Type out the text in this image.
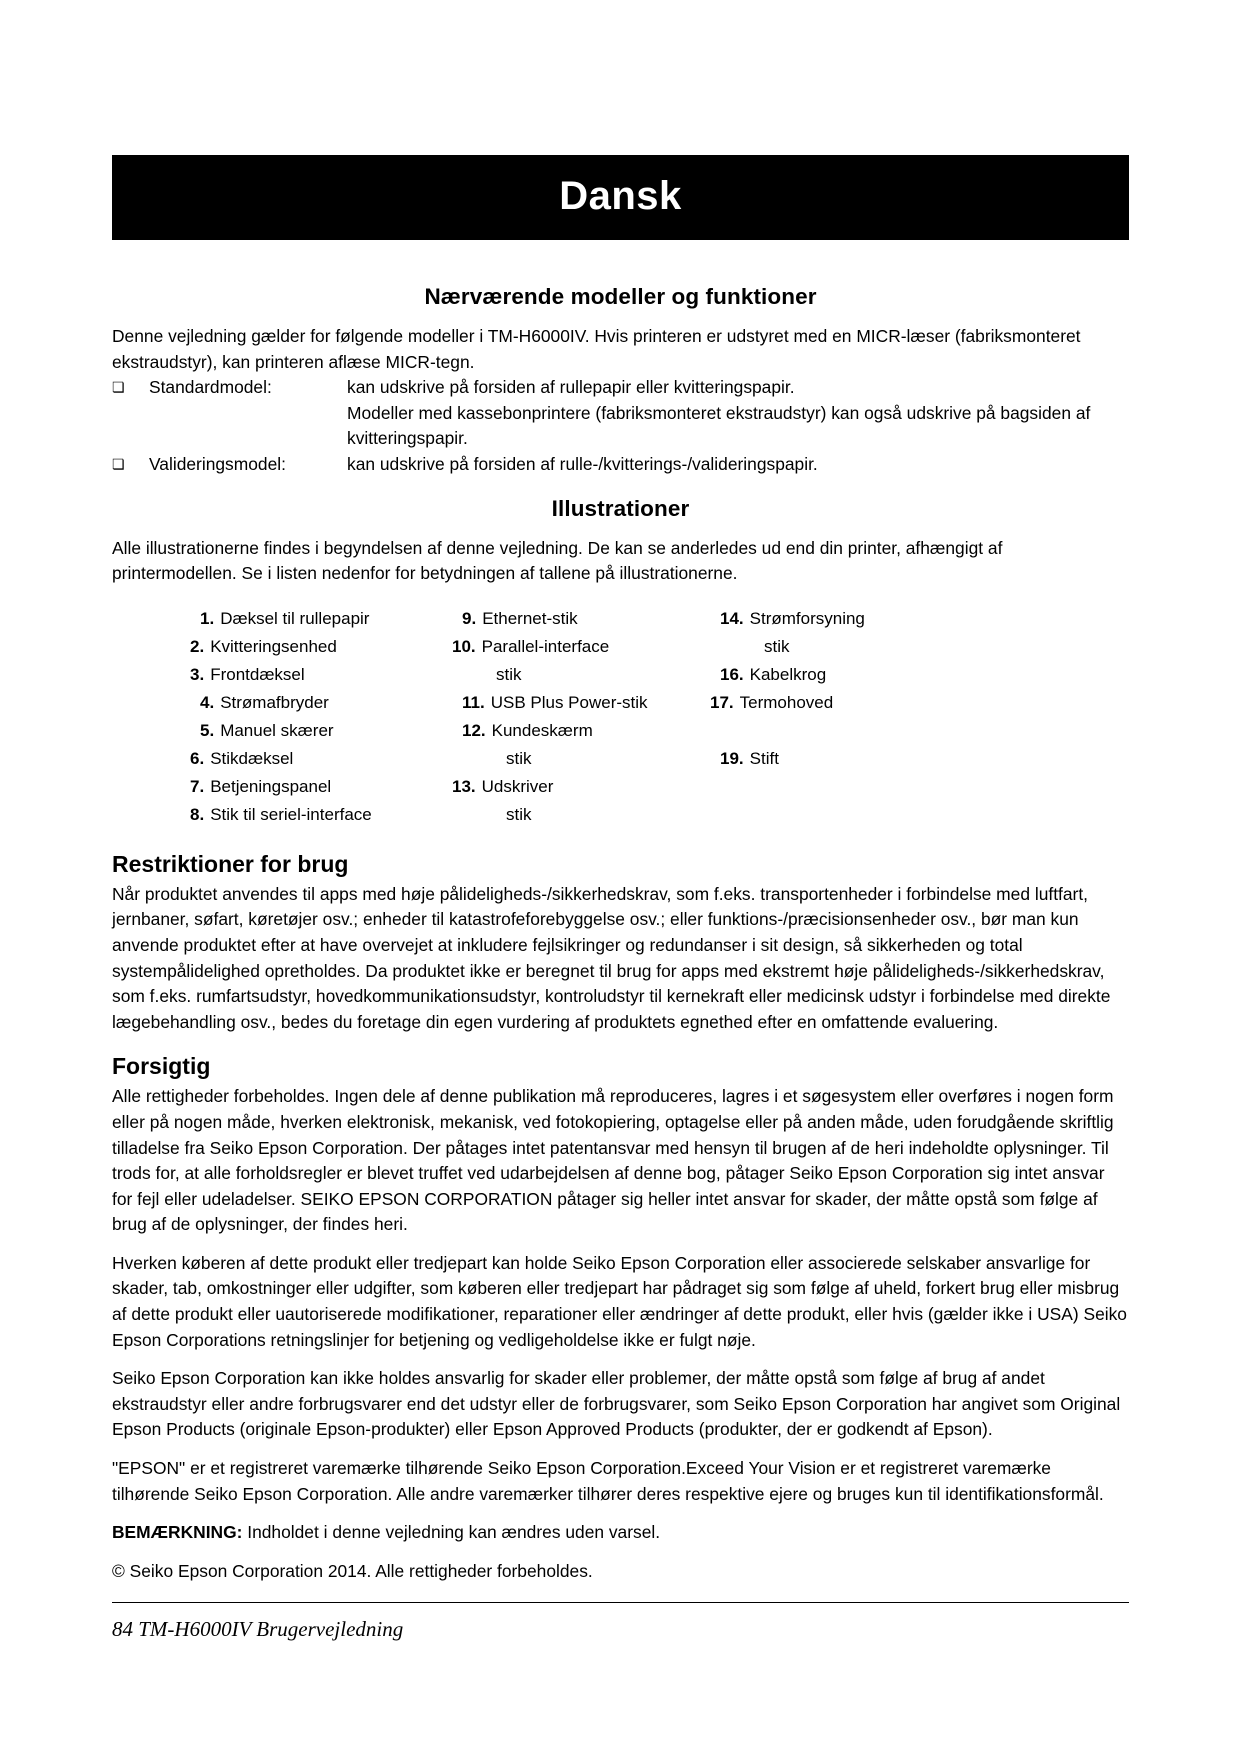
Dansk
Nærværende modeller og funktioner

Denne vejledning gælder for følgende modeller i TM-H6000IV. Hvis printeren er udstyret med en MICR-læser (fabriksmonteret ekstraudstyr), kan printeren aflæse MICR-tegn.

❏	Standardmodel:	kan udskrive på forsiden af rullepapir eller kvitteringspapir.
Modeller med kassebonprintere (fabriksmonteret ekstraudstyr) kan også udskrive på bagsiden af kvitteringspapir.
❏	Valideringsmodel:	kan udskrive på forsiden af rulle-/kvitterings-/valideringspapir.
Illustrationer

Alle illustrationerne findes i begyndelsen af denne vejledning. De kan se anderledes ud end din printer, afhængigt af printermodellen. Se i listen nedenfor for betydningen af tallene på illustrationerne.

1. Dæksel til rullepapir
2. Kvitteringsenhed
3. Frontdæksel
4. Strømafbryder
5. Manuel skærer
6. Stikdæksel
7. Betjeningspanel
8. Stik til seriel-interface
9. Ethernet-stik
10. Parallel-interface
stik
11. USB Plus Power-stik
12. Kundeskærm
stik
13. Udskriver
stik
14. Strømforsyning
stik
16. Kabelkrog
17. Termohoved
19. Stift
Restriktioner for brug

Når produktet anvendes til apps med høje pålideligheds-/sikkerhedskrav, som f.eks. transportenheder i forbindelse med luftfart, jernbaner, søfart, køretøjer osv.; enheder til katastrofeforebyggelse osv.; eller funktions-/præcisionsenheder osv., bør man kun anvende produktet efter at have overvejet at inkludere fejlsikringer og redundanser i sit design, så sikkerheden og total systempålidelighed opretholdes. Da produktet ikke er beregnet til brug for apps med ekstremt høje pålideligheds-/sikkerhedskrav, som f.eks. rumfartsudstyr, hovedkommunikationsudstyr, kontroludstyr til kernekraft eller medicinsk udstyr i forbindelse med direkte lægebehandling osv., bedes du foretage din egen vurdering af produktets egnethed efter en omfattende evaluering.

Forsigtig

Alle rettigheder forbeholdes. Ingen dele af denne publikation må reproduceres, lagres i et søgesystem eller overføres i nogen form eller på nogen måde, hverken elektronisk, mekanisk, ved fotokopiering, optagelse eller på anden måde, uden forudgående skriftlig tilladelse fra Seiko Epson Corporation. Der påtages intet patentansvar med hensyn til brugen af de heri indeholdte oplysninger. Til trods for, at alle forholdsregler er blevet truffet ved udarbejdelsen af denne bog, påtager Seiko Epson Corporation sig intet ansvar for fejl eller udeladelser. SEIKO EPSON CORPORATION påtager sig heller intet ansvar for skader, der måtte opstå som følge af brug af de oplysninger, der findes heri.

Hverken køberen af dette produkt eller tredjepart kan holde Seiko Epson Corporation eller associerede selskaber ansvarlige for skader, tab, omkostninger eller udgifter, som køberen eller tredjepart har pådraget sig som følge af uheld, forkert brug eller misbrug af dette produkt eller uautoriserede modifikationer, reparationer eller ændringer af dette produkt, eller hvis (gælder ikke i USA) Seiko Epson Corporations retningslinjer for betjening og vedligeholdelse ikke er fulgt nøje.

Seiko Epson Corporation kan ikke holdes ansvarlig for skader eller problemer, der måtte opstå som følge af brug af andet ekstraudstyr eller andre forbrugsvarer end det udstyr eller de forbrugsvarer, som Seiko Epson Corporation har angivet som Original Epson Products (originale Epson-produkter) eller Epson Approved Products (produkter, der er godkendt af Epson).

"EPSON" er et registreret varemærke tilhørende Seiko Epson Corporation.Exceed Your Vision er et registreret varemærke tilhørende Seiko Epson Corporation. Alle andre varemærker tilhører deres respektive ejere og bruges kun til identifikationsformål.

BEMÆRKNING: Indholdet i denne vejledning kan ændres uden varsel.

© Seiko Epson Corporation 2014. Alle rettigheder forbeholdes.

84 TM-H6000IV Brugervejledning
